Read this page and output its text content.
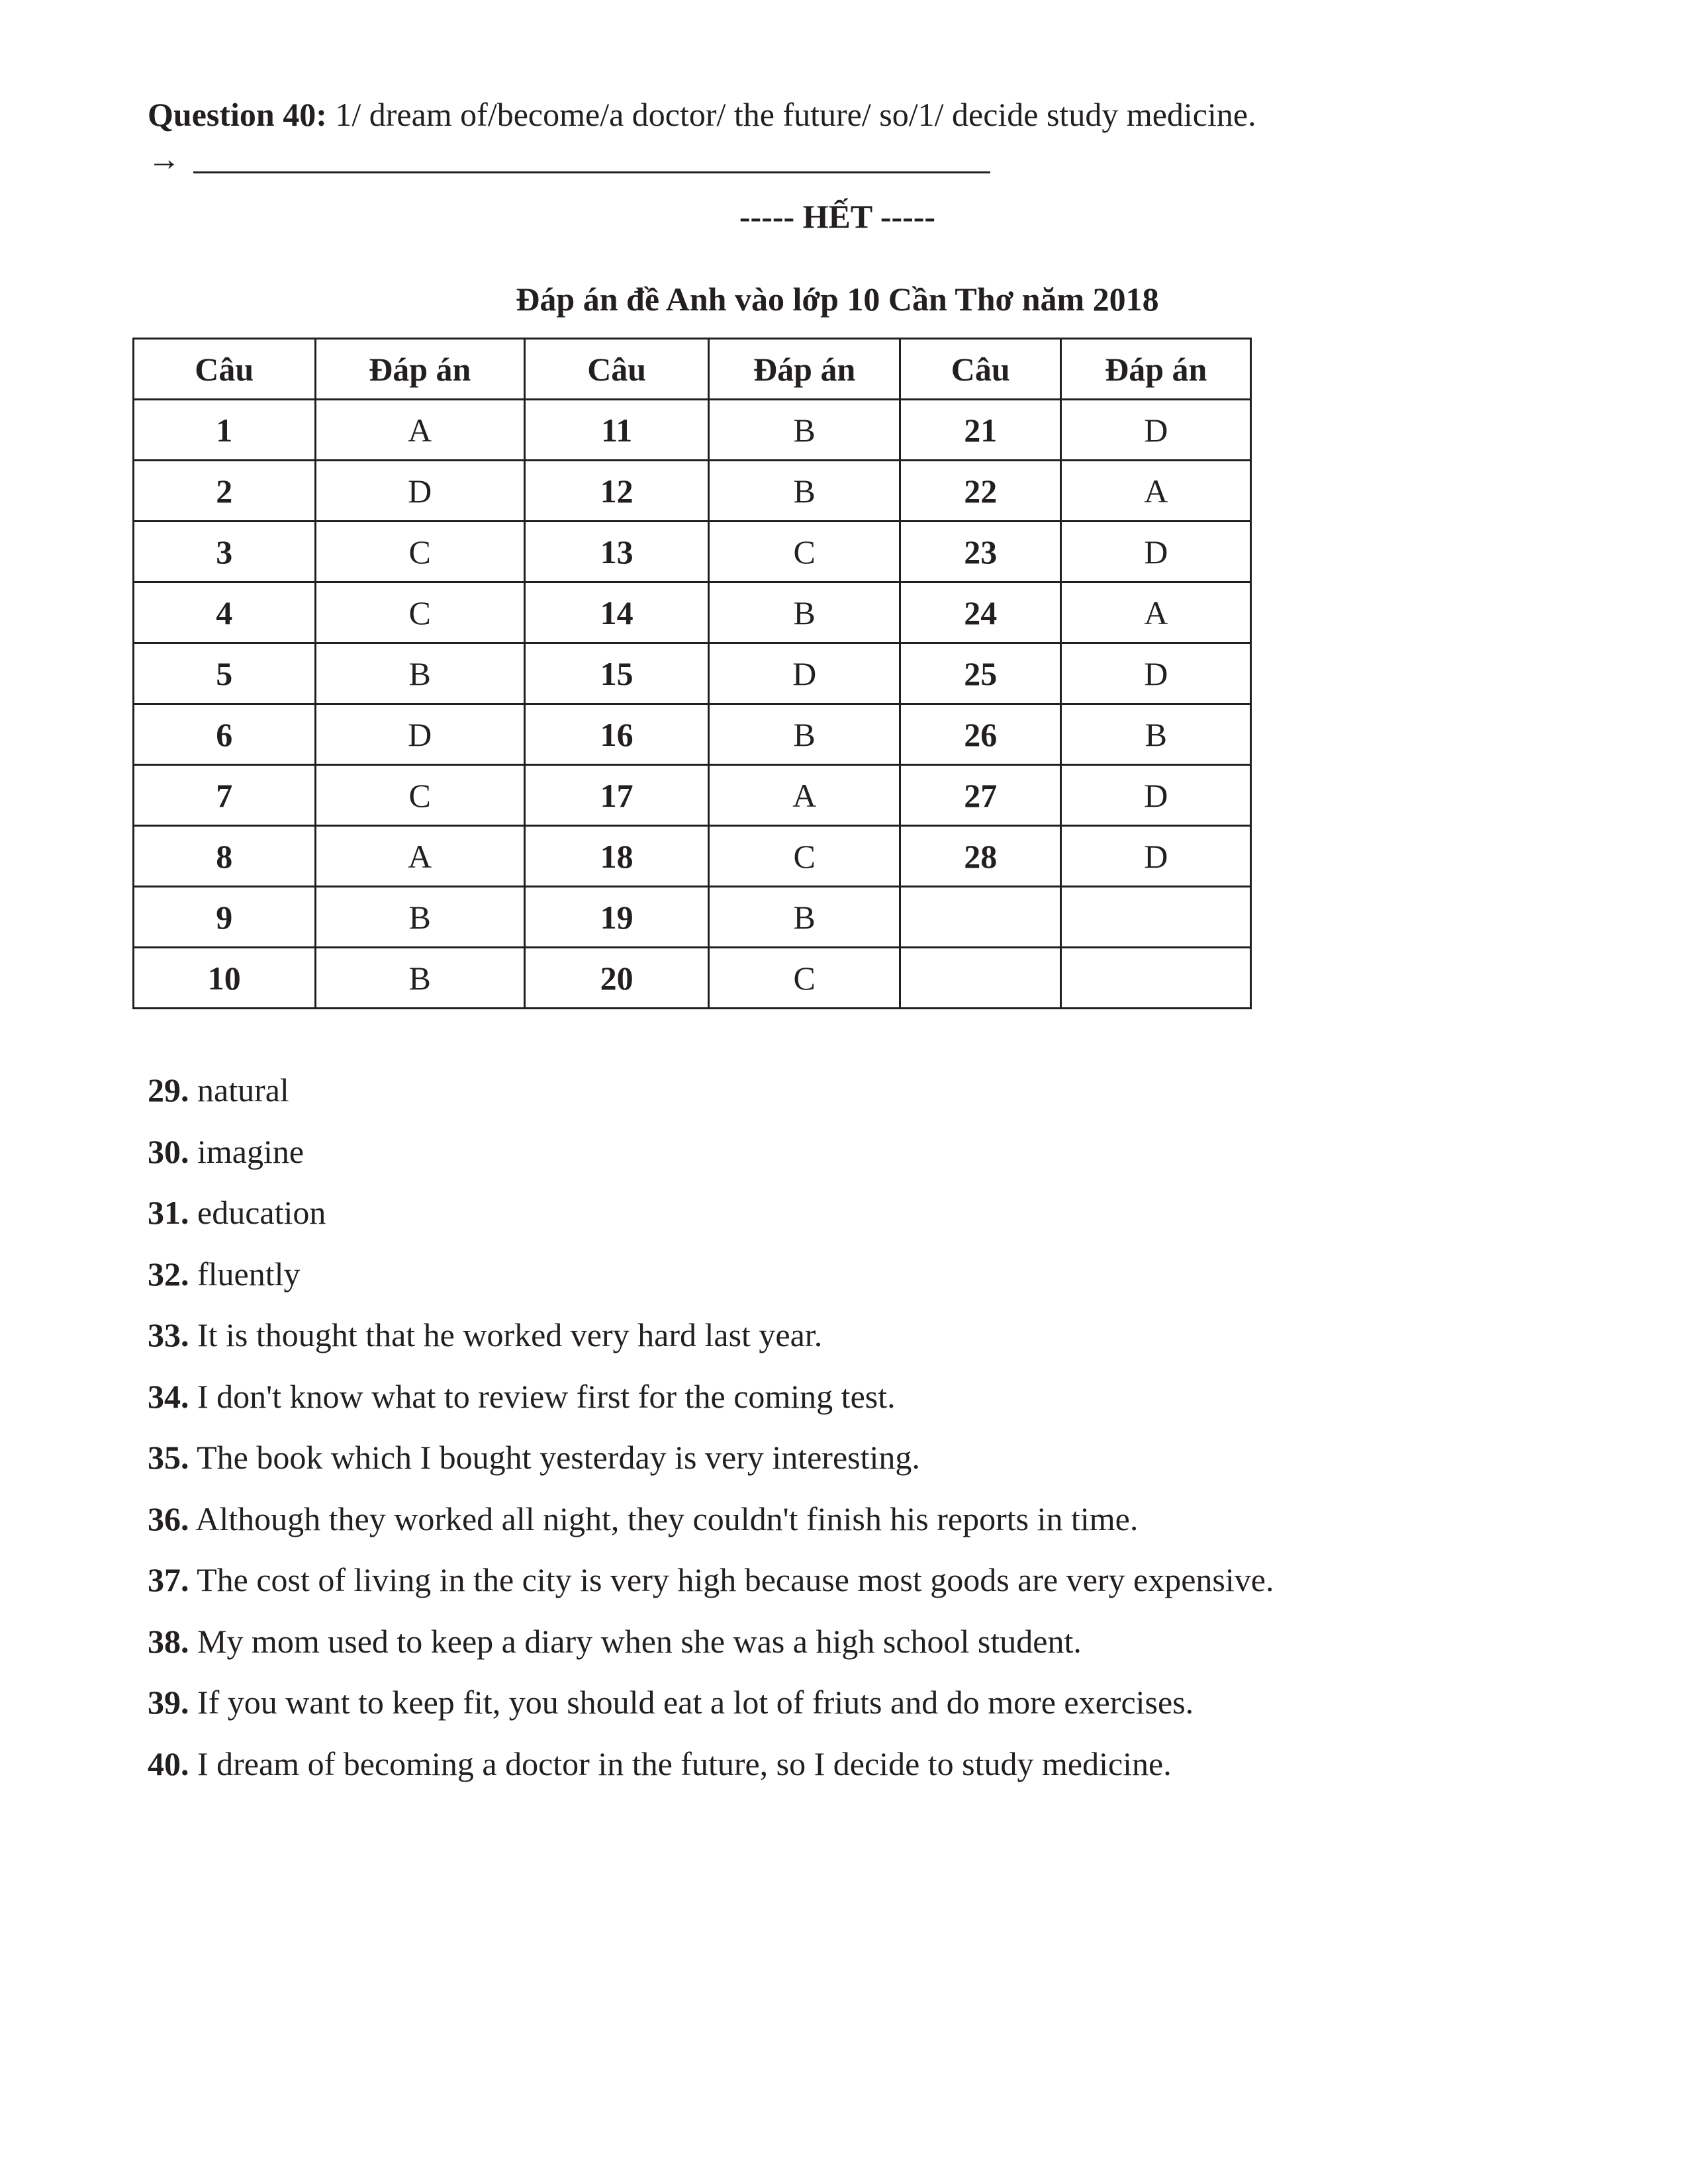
Question 40: 1/ dream of/become/a doctor/ the future/ so/1/ decide study medicine.
→
----- HẾT -----
Đáp án đề Anh vào lớp 10 Cần Thơ năm 2018
Câu	Đáp án	Câu	Đáp án	Câu	Đáp án
1	A	11	B	21	D
2	D	12	B	22	A
3	C	13	C	23	D
4	C	14	B	24	A
5	B	15	D	25	D
6	D	16	B	26	B
7	C	17	A	27	D
8	A	18	C	28	D
9	B	19	B		
10	B	20	C		
29. natural
30. imagine
31. education
32. fluently
33. It is thought that he worked very hard last year.
34. I don't know what to review first for the coming test.
35. The book which I bought yesterday is very interesting.
36. Although they worked all night, they couldn't finish his reports in time.
37. The cost of living in the city is very high because most goods are very expensive.
38. My mom used to keep a diary when she was a high school student.
39. If you want to keep fit, you should eat a lot of friuts and do more exercises.
40. I dream of becoming a doctor in the future, so I decide to study medicine.
